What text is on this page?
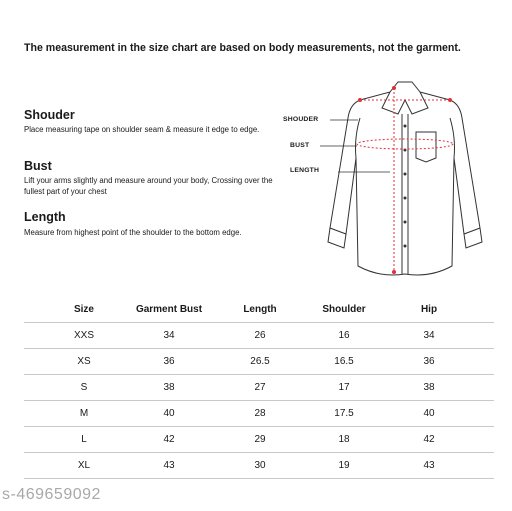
The measurement in the size chart are based on body measurements, not the garment.
Shouder
Place measuring tape on shoulder seam & measure it edge to edge.
Bust
Lift your arms slightly and measure around your body, Crossing over the fullest part of your chest
Length
Measure from highest point of the shoulder to the bottom edge.
SHOUDER
BUST
LENGTH
Size	Garment Bust	Length	Shoulder	Hip
XXS	34	26	16	34
XS	36	26.5	16.5	36
S	38	27	17	38
M	40	28	17.5	40
L	42	29	18	42
XL	43	30	19	43
s-469659092
